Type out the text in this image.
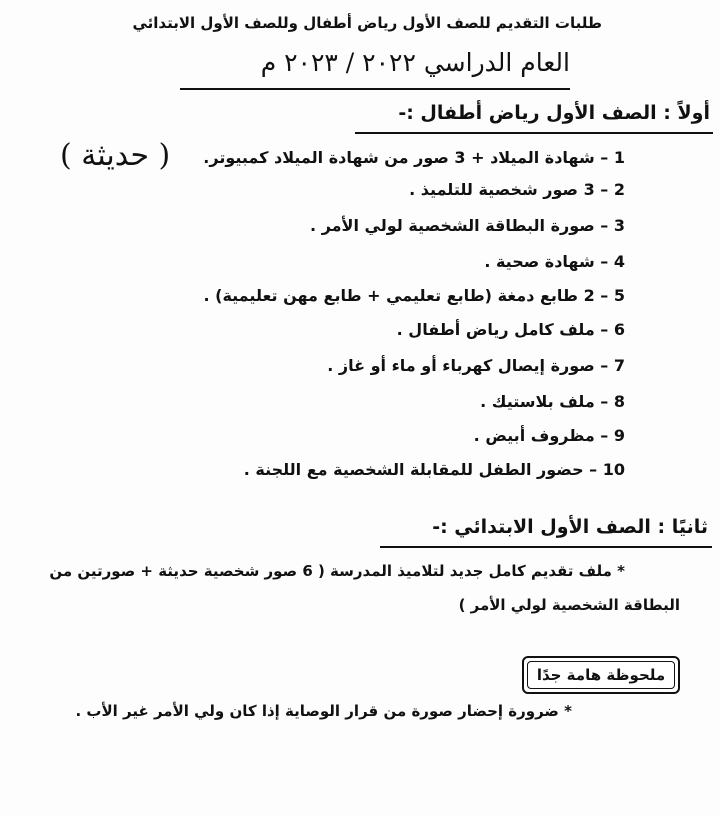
طلبات التقديم للصف الأول رياض أطفال وللصف الأول الابتدائي
العام الدراسي ٢٠٢٢ / ٢٠٢٣ م
أولاً : الصف الأول رياض أطفال :-
( حديثة ) 1 – شهادة الميلاد + 3 صور من شهادة الميلاد كمبيوتر.
2 – 3 صور شخصية للتلميذ .
3 – صورة البطاقة الشخصية لولي الأمر .
4 – شهادة صحية .
5 – 2 طابع دمغة (طابع تعليمي + طابع مهن تعليمية) .
6 – ملف كامل رياض أطفال .
7 – صورة إيصال كهرباء أو ماء أو غاز .
8 – ملف بلاستيك .
9 – مظروف أبيض .
10 – حضور الطفل للمقابلة الشخصية مع اللجنة .
ثانيًا : الصف الأول الابتدائي :-
* ملف تقديم كامل جديد لتلاميذ المدرسة ( 6 صور شخصية حديثة + صورتين من
البطاقة الشخصية لولي الأمر )
ملحوظة هامة جدًا
* ضرورة إحضار صورة من قرار الوصاية إذا كان ولي الأمر غير الأب .
